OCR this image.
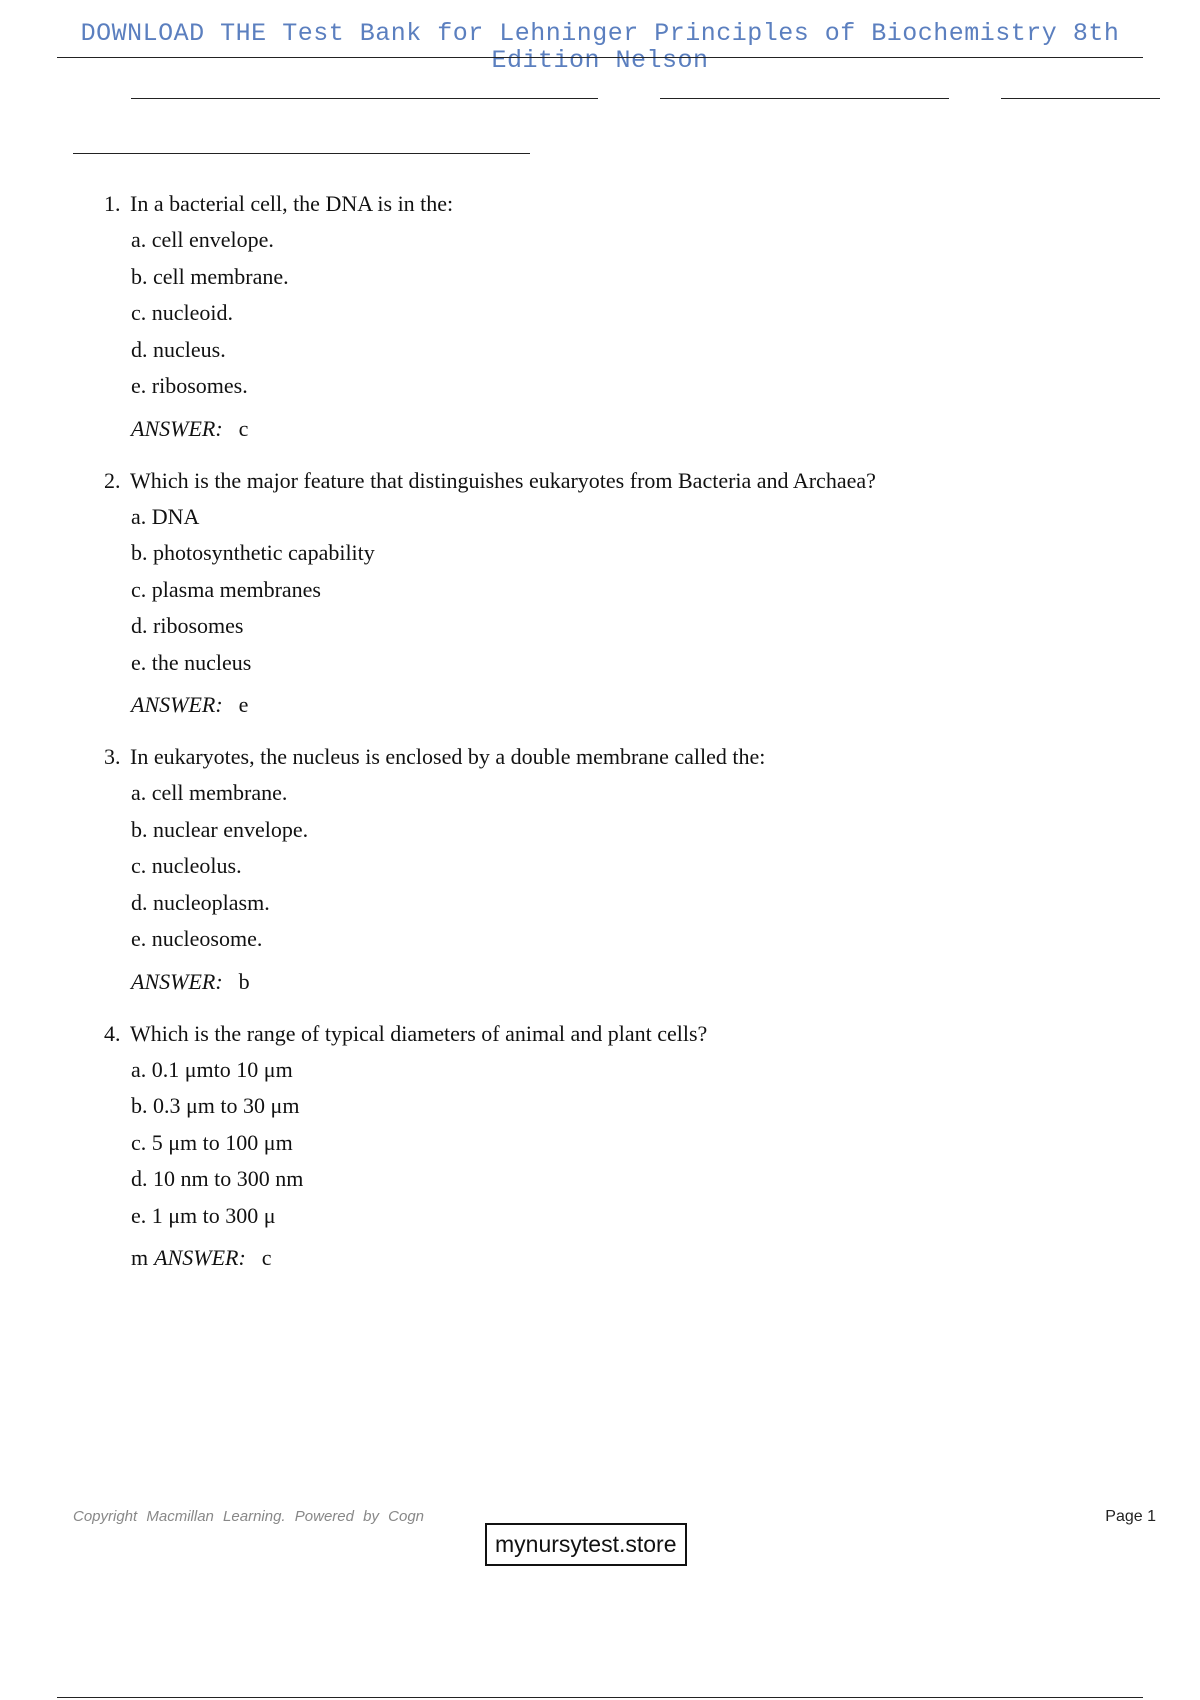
DOWNLOAD THE Test Bank for Lehninger Principles of Biochemistry 8th Edition Nelson
1. In a bacterial cell, the DNA is in the:
a. cell envelope.
b. cell membrane.
c. nucleoid.
d. nucleus.
e. ribosomes.
ANSWER: c
2. Which is the major feature that distinguishes eukaryotes from Bacteria and Archaea?
a. DNA
b. photosynthetic capability
c. plasma membranes
d. ribosomes
e. the nucleus
ANSWER: e
3. In eukaryotes, the nucleus is enclosed by a double membrane called the:
a. cell membrane.
b. nuclear envelope.
c. nucleolus.
d. nucleoplasm.
e. nucleosome.
ANSWER: b
4. Which is the range of typical diameters of animal and plant cells?
a. 0.1 μmto 10 μm
b. 0.3 μm to 30 μm
c. 5 μm to 100 μm
d. 10 nm to 300 nm
e. 1 μm to 300 μ
m ANSWER: c
Copyright Macmillan Learning. Powered by Cogn	Page 1
mynursytest.store
